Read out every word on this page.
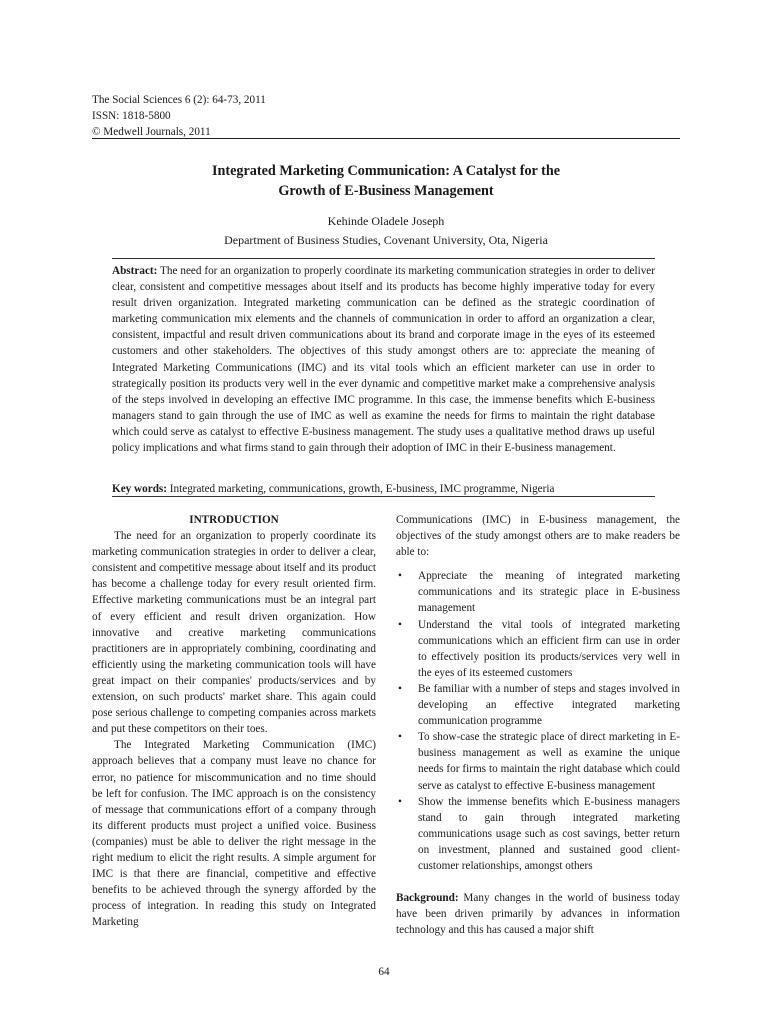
The Social Sciences 6 (2): 64-73, 2011
ISSN: 1818-5800
© Medwell Journals, 2011
Integrated Marketing Communication: A Catalyst for the
Growth of E-Business Management
Kehinde Oladele Joseph
Department of Business Studies, Covenant University, Ota, Nigeria

Abstract: The need for an organization to properly coordinate its marketing communication strategies in order to deliver clear, consistent and competitive messages about itself and its products has become highly imperative today for every result driven organization. Integrated marketing communication can be defined as the strategic coordination of marketing communication mix elements and the channels of communication in order to afford an organization a clear, consistent, impactful and result driven communications about its brand and corporate image in the eyes of its esteemed customers and other stakeholders. The objectives of this study amongst others are to: appreciate the meaning of Integrated Marketing Communications (IMC) and its vital tools which an efficient marketer can use in order to strategically position its products very well in the ever dynamic and competitive market make a comprehensive analysis of the steps involved in developing an effective IMC programme. In this case, the immense benefits which E-business managers stand to gain through the use of IMC as well as examine the needs for firms to maintain the right database which could serve as catalyst to effective E-business management. The study uses a qualitative method draws up useful policy implications and what firms stand to gain through their adoption of IMC in their E-business management.

Key words: Integrated marketing, communications, growth, E-business, IMC programme, Nigeria

INTRODUCTION

The need for an organization to properly coordinate its marketing communication strategies in order to deliver a clear, consistent and competitive message about itself and its product has become a challenge today for every result oriented firm. Effective marketing communications must be an integral part of every efficient and result driven organization. How innovative and creative marketing communications practitioners are in appropriately combining, coordinating and efficiently using the marketing communication tools will have great impact on their companies' products/services and by extension, on such products' market share. This again could pose serious challenge to competing companies across markets and put these competitors on their toes.

The Integrated Marketing Communication (IMC) approach believes that a company must leave no chance for error, no patience for miscommunication and no time should be left for confusion. The IMC approach is on the consistency of message that communications effort of a company through its different products must project a unified voice. Business (companies) must be able to deliver the right message in the right medium to elicit the right results. A simple argument for IMC is that there are financial, competitive and effective benefits to be achieved through the synergy afforded by the process of integration. In reading this study on Integrated Marketing

Communications (IMC) in E-business management, the objectives of the study amongst others are to make readers be able to:

• Appreciate the meaning of integrated marketing communications and its strategic place in E-business management
• Understand the vital tools of integrated marketing communications which an efficient firm can use in order to effectively position its products/services very well in the eyes of its esteemed customers
• Be familiar with a number of steps and stages involved in developing an effective integrated marketing communication programme
• To show-case the strategic place of direct marketing in E-business management as well as examine the unique needs for firms to maintain the right database which could serve as catalyst to effective E-business management
• Show the immense benefits which E-business managers stand to gain through integrated marketing communications usage such as cost savings, better return on investment, planned and sustained good client-customer relationships, amongst others

Background: Many changes in the world of business today have been driven primarily by advances in information technology and this has caused a major shift

64
